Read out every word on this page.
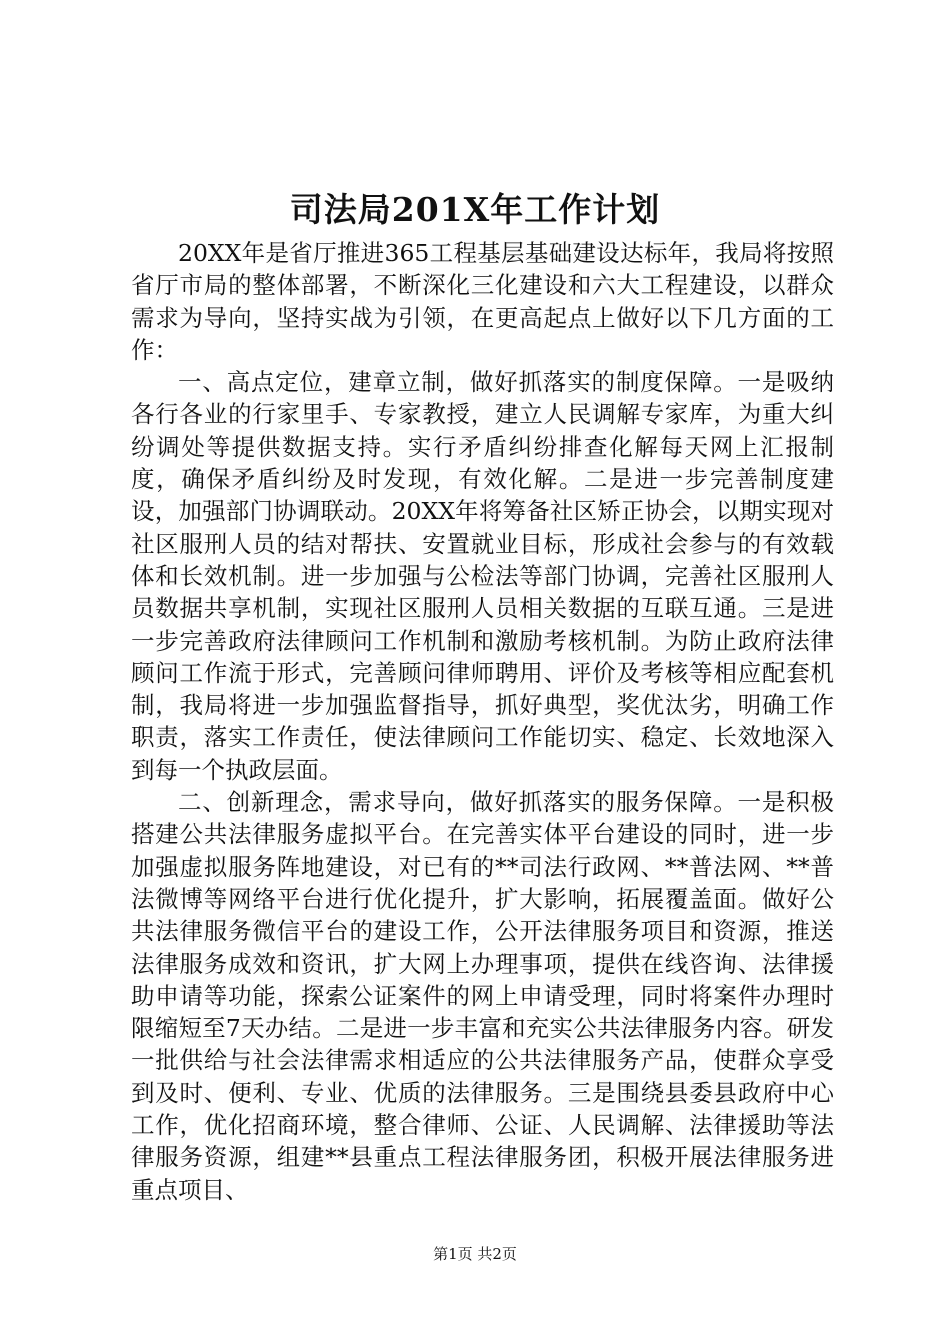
司法局201X年工作计划

20XX年是省厅推进365工程基层基础建设达标年，我局将按照省厅市局的整体部署，不断深化三化建设和六大工程建设，以群众需求为导向，坚持实战为引领，在更高起点上做好以下几方面的工作：

一、高点定位，建章立制，做好抓落实的制度保障。一是吸纳各行各业的行家里手、专家教授，建立人民调解专家库，为重大纠纷调处等提供数据支持。实行矛盾纠纷排查化解每天网上汇报制度，确保矛盾纠纷及时发现，有效化解。二是进一步完善制度建设，加强部门协调联动。20XX年将筹备社区矫正协会，以期实现对社区服刑人员的结对帮扶、安置就业目标，形成社会参与的有效载体和长效机制。进一步加强与公检法等部门协调，完善社区服刑人员数据共享机制，实现社区服刑人员相关数据的互联互通。三是进一步完善政府法律顾问工作机制和激励考核机制。为防止政府法律顾问工作流于形式，完善顾问律师聘用、评价及考核等相应配套机制，我局将进一步加强监督指导，抓好典型，奖优汰劣，明确工作职责，落实工作责任，使法律顾问工作能切实、稳定、长效地深入到每一个执政层面。

二、创新理念，需求导向，做好抓落实的服务保障。一是积极搭建公共法律服务虚拟平台。在完善实体平台建设的同时，进一步加强虚拟服务阵地建设，对已有的**司法行政网、**普法网、**普法微博等网络平台进行优化提升，扩大影响，拓展覆盖面。做好公共法律服务微信平台的建设工作，公开法律服务项目和资源，推送法律服务成效和资讯，扩大网上办理事项，提供在线咨询、法律援助申请等功能，探索公证案件的网上申请受理，同时将案件办理时限缩短至7天办结。二是进一步丰富和充实公共法律服务内容。研发一批供给与社会法律需求相适应的公共法律服务产品，使群众享受到及时、便利、专业、优质的法律服务。三是围绕县委县政府中心工作，优化招商环境，整合律师、公证、人民调解、法律援助等法律服务资源，组建**县重点工程法律服务团，积极开展法律服务进重点项目、

第1页 共2页
